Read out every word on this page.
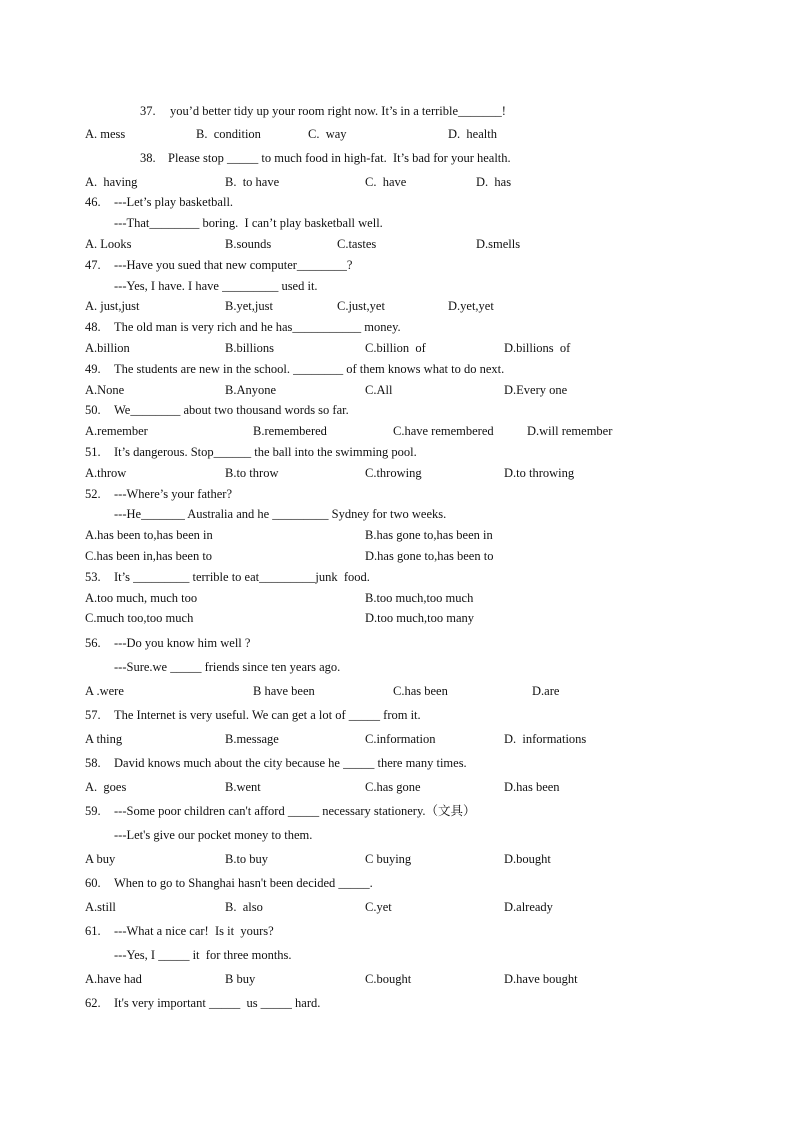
37. you’d better tidy up your room right now. It’s in a terrible_______!
A. mess	B.  condition	C.  way	D.  health
38. Please stop _____ to much food in high-fat.  It’s bad for your health.
A.  having	B.  to have	C.  have	D.  has
46. ---Let’s play basketball.
---That________ boring.  I can’t play basketball well.
A. Looks	B.sounds	C.tastes	D.smells
47. ---Have you sued that new computer________?
---Yes, I have. I have _________ used it.
A. just,just	B.yet,just	C.just,yet	D.yet,yet
48. The old man is very rich and he has___________ money.
A.billion	B.billions	C.billion  of	D.billions  of
49. The students are new in the school. ________ of them knows what to do next.
A.None	B.Anyone	C.All	D.Every one
50. We________ about two thousand words so far.
A.remember	B.remembered	C.have remembered	D.will remember
51. It’s dangerous. Stop______ the ball into the swimming pool.
A.throw	B.to throw	C.throwing	D.to throwing
52. ---Where’s your father?
---He_______ Australia and he _________ Sydney for two weeks.
A.has been to,has been in	B.has gone to,has been in
C.has been in,has been to	D.has gone to,has been to
53. It’s _________ terrible to eat_________junk  food.
A.too much, much too	B.too much,too much
C.much too,too much	D.too much,too many
56. ---Do you know him well ?
---Sure.we _____ friends since ten years ago.
A .were	B have been	C.has been	D.are
57. The Internet is very useful. We can get a lot of _____ from it.
A thing	B.message	C.information	D.  informations
58. David knows much about the city because he _____ there many times.
A.  goes	B.went	C.has gone	D.has been
59. ---Some poor children can't afford _____ necessary stationery.（文具）
---Let's give our pocket money to them.
A buy	B.to buy	C buying	D.bought
60. When to go to Shanghai hasn't been decided _____.
A.still	B.  also	C.yet	D.already
61. ---What a nice car!  Is it  yours?
---Yes, I _____ it  for three months.
A.have had	B buy	C.bought	D.have bought
62. It's very important _____  us _____ hard.
